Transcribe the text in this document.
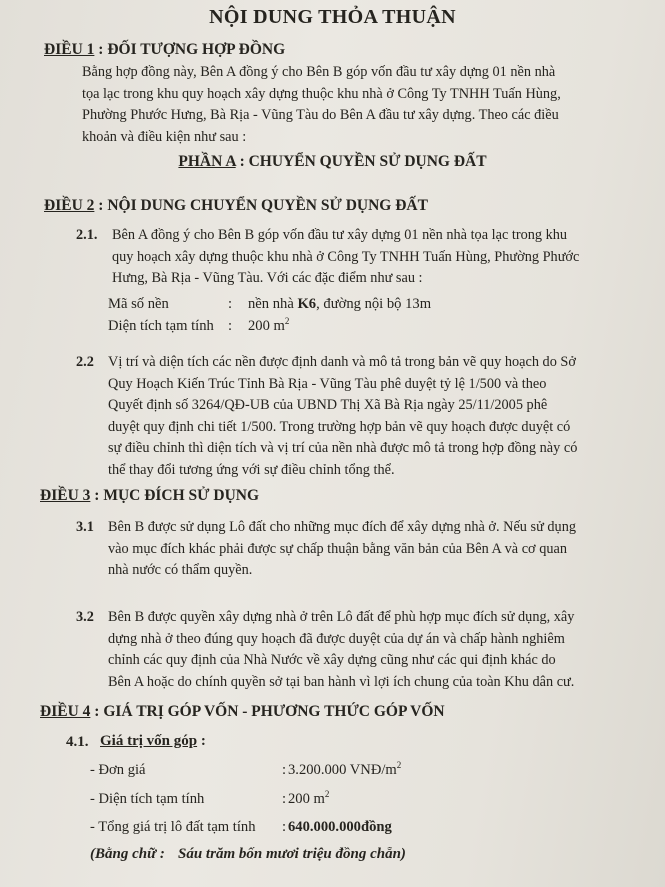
NỘI DUNG THỎA THUẬN
ĐIỀU 1 : ĐỐI TƯỢNG HỢP ĐỒNG
Bằng hợp đồng này, Bên A đồng ý cho Bên B góp vốn đầu tư xây dựng 01 nền nhà
tọa lạc trong khu quy hoạch xây dựng thuộc khu nhà ở Công Ty TNHH Tuấn Hùng,
Phường Phước Hưng, Bà Rịa - Vũng Tàu do Bên A đầu tư xây dựng. Theo các điều
khoản và điều kiện như sau :
PHẦN A : CHUYỂN QUYỀN SỬ DỤNG ĐẤT
ĐIỀU 2 : NỘI DUNG CHUYỂN QUYỀN SỬ DỤNG ĐẤT
2.1. Bên A đồng ý cho Bên B góp vốn đầu tư xây dựng 01 nền nhà tọa lạc trong khu
quy hoạch xây dựng thuộc khu nhà ở Công Ty TNHH Tuấn Hùng, Phường Phước
Hưng, Bà Rịa - Vũng Tàu. Với các đặc điểm như sau :
Mã số nền	: nền nhà K6, đường nội bộ 13m
Diện tích tạm tính : 200 $m^2$
2.2 Vị trí và diện tích các nền được định danh và mô tả trong bản vẽ quy hoạch do Sở
Quy Hoạch Kiến Trúc Tỉnh Bà Rịa - Vũng Tàu phê duyệt tỷ lệ 1/500 và theo
Quyết định số 3264/QĐ-UB của UBND Thị Xã Bà Rịa ngày 25/11/2005 phê
duyệt quy định chi tiết 1/500. Trong trường hợp bản vẽ quy hoạch được duyệt có
sự điều chỉnh thì diện tích và vị trí của nền nhà được mô tả trong hợp đồng này có
thể thay đổi tương ứng với sự điều chỉnh tổng thể.
ĐIỀU 3 : MỤC ĐÍCH SỬ DỤNG
3.1 Bên B được sử dụng Lô đất cho những mục đích để xây dựng nhà ở. Nếu sử dụng
vào mục đích khác phải được sự chấp thuận bằng văn bản của Bên A và cơ quan
nhà nước có thẩm quyền.
3.2 Bên B được quyền xây dựng nhà ở trên Lô đất để phù hợp mục đích sử dụng, xây
dựng nhà ở theo đúng quy hoạch đã được duyệt của dự án và chấp hành nghiêm
chỉnh các quy định của Nhà Nước về xây dựng cũng như các qui định khác do
Bên A hoặc do chính quyền sở tại ban hành vì lợi ích chung của toàn Khu dân cư.
ĐIỀU 4 : GIÁ TRỊ GÓP VỐN - PHƯƠNG THỨC GÓP VỐN
4.1. Giá trị vốn góp :
- Đơn giá	: 3.200.000 VNĐ/$m^2$
- Diện tích tạm tính	: 200 $m^2$
- Tổng giá trị lô đất tạm tính : 640.000.000đồng
(Bằng chữ : Sáu trăm bốn mươi triệu đồng chẵn)
